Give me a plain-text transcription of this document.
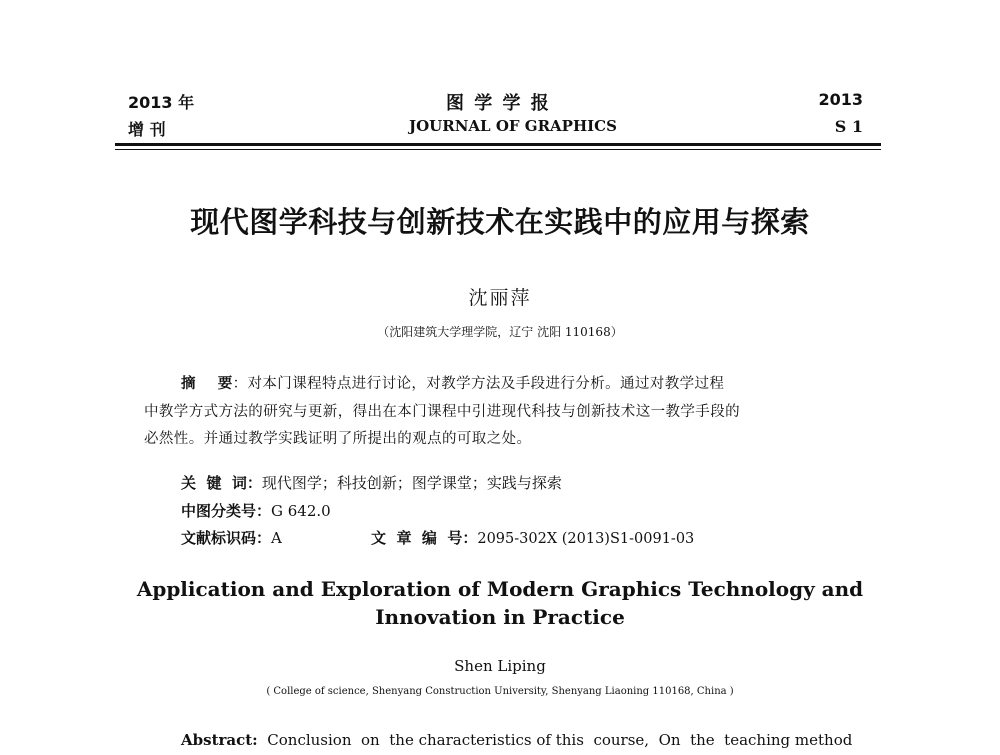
2013 年
增 刊
图 学 学 报
JOURNAL OF GRAPHICS
2013
S 1
现代图学科技与创新技术在实践中的应用与探索
沈丽萍
（沈阳建筑大学理学院，辽宁 沈阳 110168）
摘    要：对本门课程特点进行讨论，对教学方法及手段进行分析。通过对教学过程
中教学方式方法的研究与更新，得出在本门课程中引进现代科技与创新技术这一教学手段的
必然性。并通过教学实践证明了所提出的观点的可取之处。
关  键  词：现代图学；科技创新；图学课堂；实践与探索
中图分类号：G 642.0
文献标识码：A	文  章  编  号：2095-302X (2013)S1-0091-03
Application and Exploration of Modern Graphics Technology and
Innovation in Practice
Shen Liping
( College of science, Shenyang Construction University, Shenyang Liaoning 110168, China )
Abstract: Conclusion  on  the characteristics of this  course,  On  the  teaching method
